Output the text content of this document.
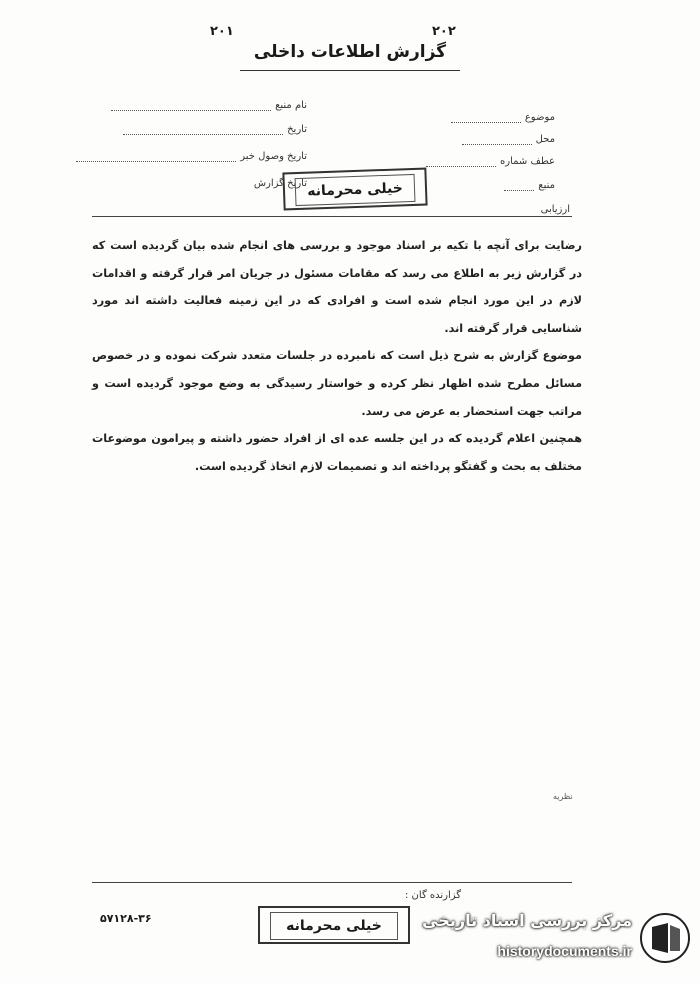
۲۰۱	۲۰۲
گزارش اطلاعات داخلی
موضوع
محل
عطف شماره
منبع
ارزیابی
نام منبع
تاریخ
تاریخ وصول خبر
تاریخ گزارش خیلی محرمانه

رضایت برای آنچه با تکیه بر اسناد موجود و بررسی های انجام شده بیان گردیده است که در گزارش زیر به اطلاع می رسد که مقامات مسئول در جریان امر قرار گرفته و اقدامات لازم در این مورد انجام شده است و افرادی که در این زمینه فعالیت داشته اند مورد شناسایی قرار گرفته اند.

موضوع گزارش به شرح ذیل است که نامبرده در جلسات متعدد شرکت نموده و در خصوص مسائل مطرح شده اظهار نظر کرده و خواستار رسیدگی به وضع موجود گردیده است و مراتب جهت استحضار به عرض می رسد.

همچنین اعلام گردیده که در این جلسه عده ای از افراد حضور داشته و پیرامون موضوعات مختلف به بحث و گفتگو پرداخته اند و تصمیمات لازم اتخاذ گردیده است.

نظریه
گزارنده گان :
۵۷۱۲۸-۳۶	خیلی محرمانه	مرکز بررسی اسناد تاریخی
historydocuments.ir
